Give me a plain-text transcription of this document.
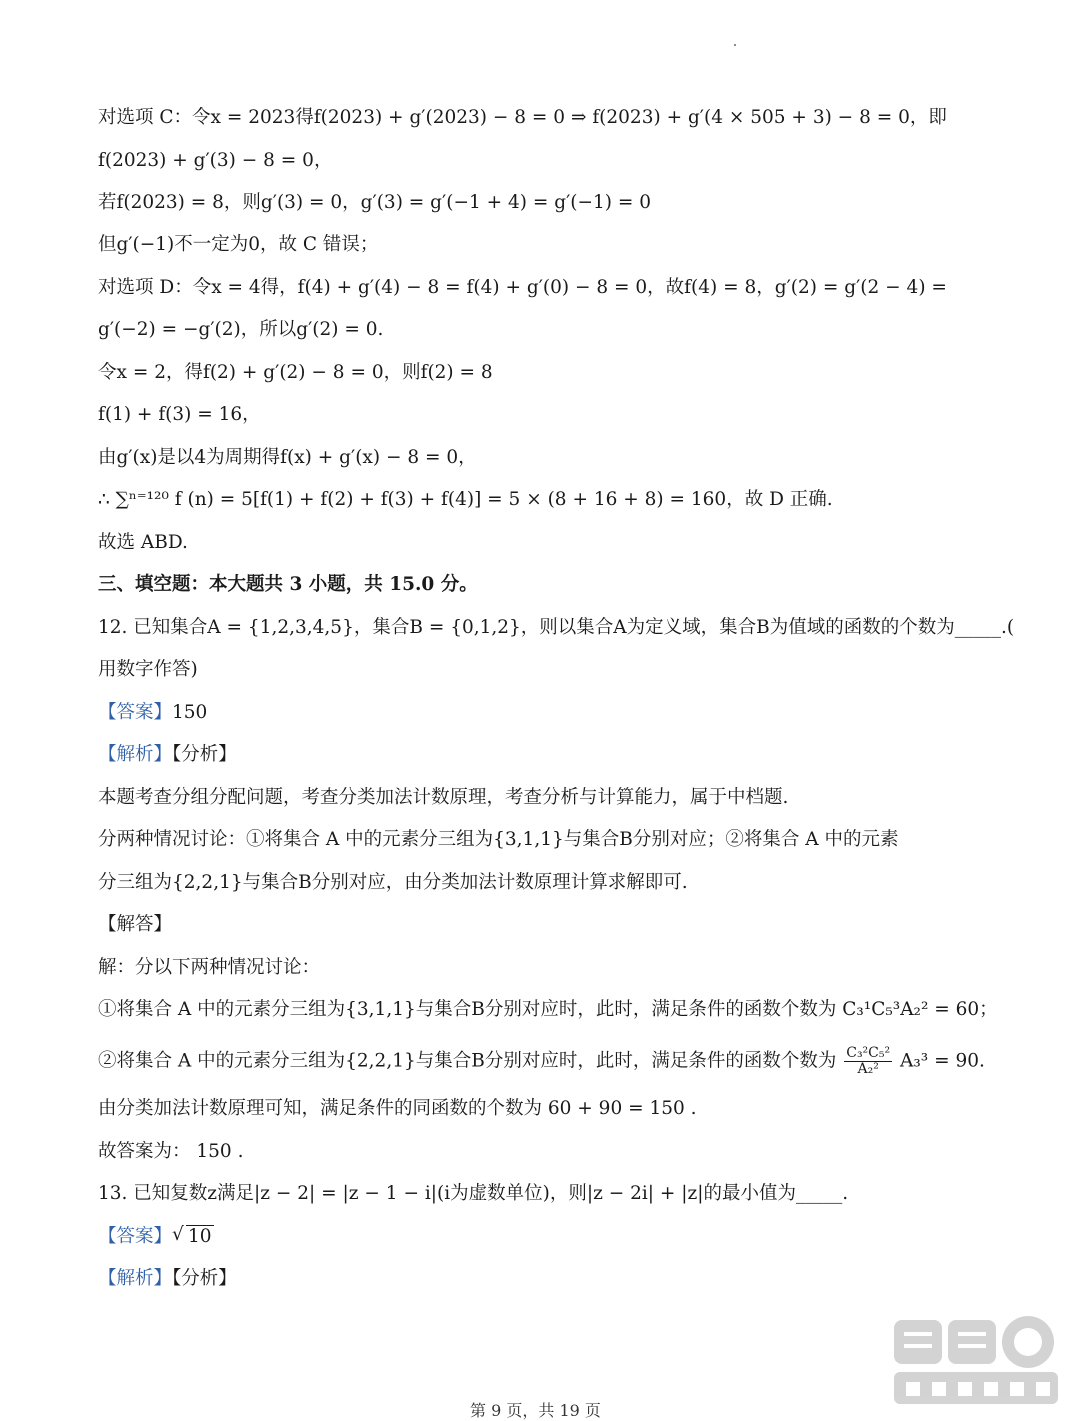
对选项 C：令x = 2023得f(2023) + g′(2023) − 8 = 0 ⇒ f(2023) + g′(4 × 505 + 3) − 8 = 0，即
f(2023) + g′(3) − 8 = 0，
若f(2023) = 8，则g′(3) = 0，g′(3) = g′(−1 + 4) = g′(−1) = 0
但g′(−1)不一定为0，故 C 错误；
对选项 D：令x = 4得，f(4) + g′(4) − 8 = f(4) + g′(0) − 8 = 0，故f(4) = 8，g′(2) = g′(2 − 4) =
g′(−2) = −g′(2)，所以g′(2) = 0.
令x = 2，得f(2) + g′(2) − 8 = 0，则f(2) = 8
f(1) + f(3) = 16，
由g′(x)是以4为周期得f(x) + g′(x) − 8 = 0，
∴ ∑ⁿ⁼¹²⁰ f (n) = 5[f(1) + f(2) + f(3) + f(4)] = 5 × (8 + 16 + 8) = 160，故 D 正确.
故选 ABD.
三、填空题：本大题共 3 小题，共 15.0 分。
12. 已知集合A = {1,2,3,4,5}，集合B = {0,1,2}，则以集合A为定义域，集合B为值域的函数的个数为_____.(
用数字作答)
【答案】150
【解析】【分析】
本题考查分组分配问题，考查分类加法计数原理，考查分析与计算能力，属于中档题.
分两种情况讨论：①将集合 A 中的元素分三组为{3,1,1}与集合B分别对应；②将集合 A 中的元素
分三组为{2,2,1}与集合B分别对应，由分类加法计数原理计算求解即可.
【解答】
解：分以下两种情况讨论：
①将集合 A 中的元素分三组为{3,1,1}与集合B分别对应时，此时，满足条件的函数个数为 C₃¹C₅³A₂² = 60；
②将集合 A 中的元素分三组为{2,2,1}与集合B分别对应时，此时，满足条件的函数个数为 $\frac{\text{C₃²C₅²}}{\text{A₂²}} A_3^3 = 90$.
由分类加法计数原理可知，满足条件的同函数的个数为 60 + 90 = 150 .
故答案为： 150 .
13. 已知复数z满足|z − 2| = |z − 1 − i|(i为虚数单位)，则|z − 2i| + |z|的最小值为_____.
【答案】 √ 10
【解析】【分析】
第 9 页，共 19 页
